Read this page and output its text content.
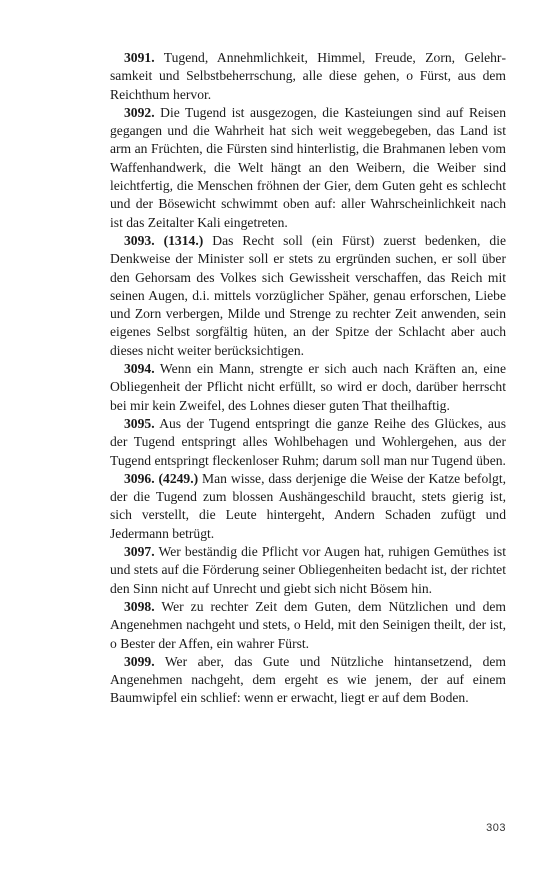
3091. Tugend, Annehmlichkeit, Himmel, Freude, Zorn, Gelehrsamkeit und Selbstbeherrschung, alle diese gehen, o Fürst, aus dem Reichthum hervor.

3092. Die Tugend ist ausgezogen, die Kasteiungen sind auf Reisen gegangen und die Wahrheit hat sich weit weggebegeben, das Land ist arm an Früchten, die Fürsten sind hinterlistig, die Brahmanen leben vom Waffenhandwerk, die Welt hängt an den Weibern, die Weiber sind leichtfertig, die Menschen fröhnen der Gier, dem Guten geht es schlecht und der Bösewicht schwimmt oben auf: aller Wahrscheinlichkeit nach ist das Zeitalter Kali eingetreten.

3093. (1314.) Das Recht soll (ein Fürst) zuerst bedenken, die Denkweise der Minister soll er stets zu ergründen suchen, er soll über den Gehorsam des Volkes sich Gewissheit verschaffen, das Reich mit seinen Augen, d.i. mittels vorzüglicher Späher, genau erforschen, Liebe und Zorn verbergen, Milde und Strenge zu rechter Zeit anwenden, sein eigenes Selbst sorgfältig hüten, an der Spitze der Schlacht aber auch dieses nicht weiter berücksichtigen.

3094. Wenn ein Mann, strengte er sich auch nach Kräften an, eine Obliegenheit der Pflicht nicht erfüllt, so wird er doch, darüber herrscht bei mir kein Zweifel, des Lohnes dieser guten That theilhaftig.

3095. Aus der Tugend entspringt die ganze Reihe des Glückes, aus der Tugend entspringt alles Wohlbehagen und Wohlergehen, aus der Tugend entspringt fleckenloser Ruhm; darum soll man nur Tugend üben.

3096. (4249.) Man wisse, dass derjenige die Weise der Katze befolgt, der die Tugend zum blossen Aushängeschild braucht, stets gierig ist, sich verstellt, die Leute hintergeht, Andern Schaden zufügt und Jedermann betrügt.

3097. Wer beständig die Pflicht vor Augen hat, ruhigen Gemüthes ist und stets auf die Förderung seiner Obliegenheiten bedacht ist, der richtet den Sinn nicht auf Unrecht und giebt sich nicht Bösem hin.

3098. Wer zu rechter Zeit dem Guten, dem Nützlichen und dem Angenehmen nachgeht und stets, o Held, mit den Seinigen theilt, der ist, o Bester der Affen, ein wahrer Fürst.

3099. Wer aber, das Gute und Nützliche hintansetzend, dem Angenehmen nachgeht, dem ergeht es wie jenem, der auf einem Baumwipfel ein schlief: wenn er erwacht, liegt er auf dem Boden.

303
